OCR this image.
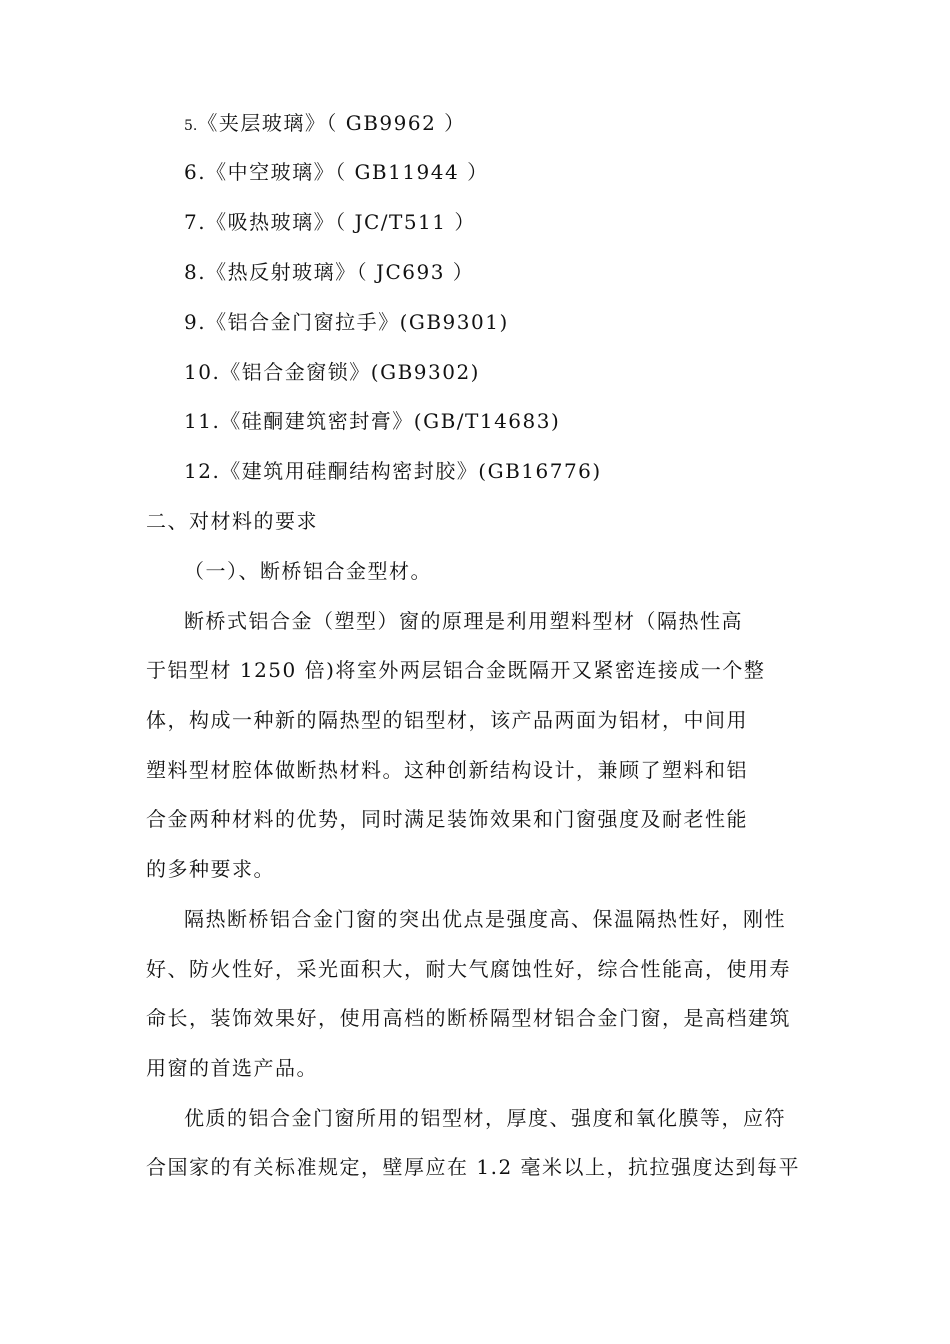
5.《夹层玻璃》（ GB9962 ）
6.《中空玻璃》（ GB11944 ）
7.《吸热玻璃》（ JC/T511 ）
8.《热反射玻璃》（ JC693 ）
9.《铝合金门窗拉手》(GB9301)
10.《铝合金窗锁》(GB9302)
11.《硅酮建筑密封膏》(GB/T14683)
12.《建筑用硅酮结构密封胶》(GB16776)
二、对材料的要求
（一）、断桥铝合金型材。
断桥式铝合金（塑型）窗的原理是利用塑料型材（隔热性高
于铝型材 1250 倍)将室外两层铝合金既隔开又紧密连接成一个整
体，构成一种新的隔热型的铝型材，该产品两面为铝材，中间用
塑料型材腔体做断热材料。这种创新结构设计，兼顾了塑料和铝
合金两种材料的优势，同时满足装饰效果和门窗强度及耐老性能
的多种要求。
隔热断桥铝合金门窗的突出优点是强度高、保温隔热性好，刚性
好、防火性好，采光面积大，耐大气腐蚀性好，综合性能高，使用寿
命长，装饰效果好，使用高档的断桥隔型材铝合金门窗，是高档建筑
用窗的首选产品。
优质的铝合金门窗所用的铝型材，厚度、强度和氧化膜等，应符
合国家的有关标准规定，壁厚应在 1.2 毫米以上，抗拉强度达到每平
